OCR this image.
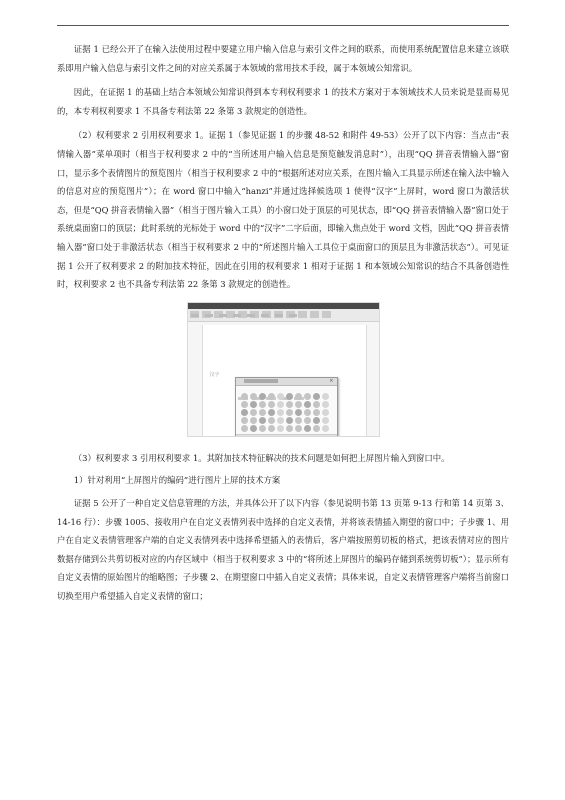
证据 1 已经公开了在输入法使用过程中要建立用户输入信息与索引文件之间的联系，而使用系统配置信息来建立该联系即用户输入信息与索引文件之间的对应关系属于本领域的常用技术手段，属于本领域公知常识。

因此，在证据 1 的基础上结合本领域公知常识得到本专利权利要求 1 的技术方案对于本领域技术人员来说是显而易见的，本专利权利要求 1 不具备专利法第 22 条第 3 款规定的创造性。

（2）权利要求 2 引用权利要求 1。证据 1（参见证据 1 的步骤 48-52 和附件 49-53）公开了以下内容：当点击“表情输入器”菜单项时（相当于权利要求 2 中的“当所述用户输入信息是预览触发消息时”），出现“QQ 拼音表情输入器”窗口，显示多个表情图片的预览图片（相当于权利要求 2 中的“根据所述对应关系，在图片输入工具显示所述在输入法中输入的信息对应的预览图片”）；在 word 窗口中输入“hanzi”并通过选择候选项 1 使得“汉字”上屏时，word 窗口为激活状态，但是“QQ 拼音表情输入器”（相当于图片输入工具）的小窗口处于顶层的可见状态，即“QQ 拼音表情输入器”窗口处于系统桌面窗口的顶层；此时系统的光标处于 word 中的“汉字”二字后面，即输入焦点处于 word 文档，因此“QQ 拼音表情输入器”窗口处于非激活状态（相当于权利要求 2 中的“所述图片输入工具位于桌面窗口的顶层且为非激活状态”）。可见证据 1 公开了权利要求 2 的附加技术特征，因此在引用的权利要求 1 相对于证据 1 和本领域公知常识的结合不具备创造性时，权利要求 2 也不具备专利法第 22 条第 3 款规定的创造性。

汉字
×

（3）权利要求 3 引用权利要求 1。其附加技术特征解决的技术问题是如何把上屏图片输入到窗口中。

1）针对利用“上屏图片的编码”进行图片上屏的技术方案

证据 5 公开了一种自定义信息管理的方法，并具体公开了以下内容（参见说明书第 13 页第 9-13 行和第 14 页第 3、14-16 行）：步骤 1005、接收用户在自定义表情列表中选择的自定义表情，并将该表情插入期望的窗口中；子步骤 1、用户在自定义表情管理客户端的自定义表情列表中选择希望插入的表情后，客户端按照剪切板的格式，把该表情对应的图片数据存储到公共剪切板对应的内存区域中（相当于权利要求 3 中的“将所述上屏图片的编码存储到系统剪切板”）；显示所有自定义表情的原始图片的缩略图；子步骤 2、在期望窗口中插入自定义表情；具体来说，自定义表情管理客户端将当前窗口切换至用户希望插入自定义表情的窗口；
